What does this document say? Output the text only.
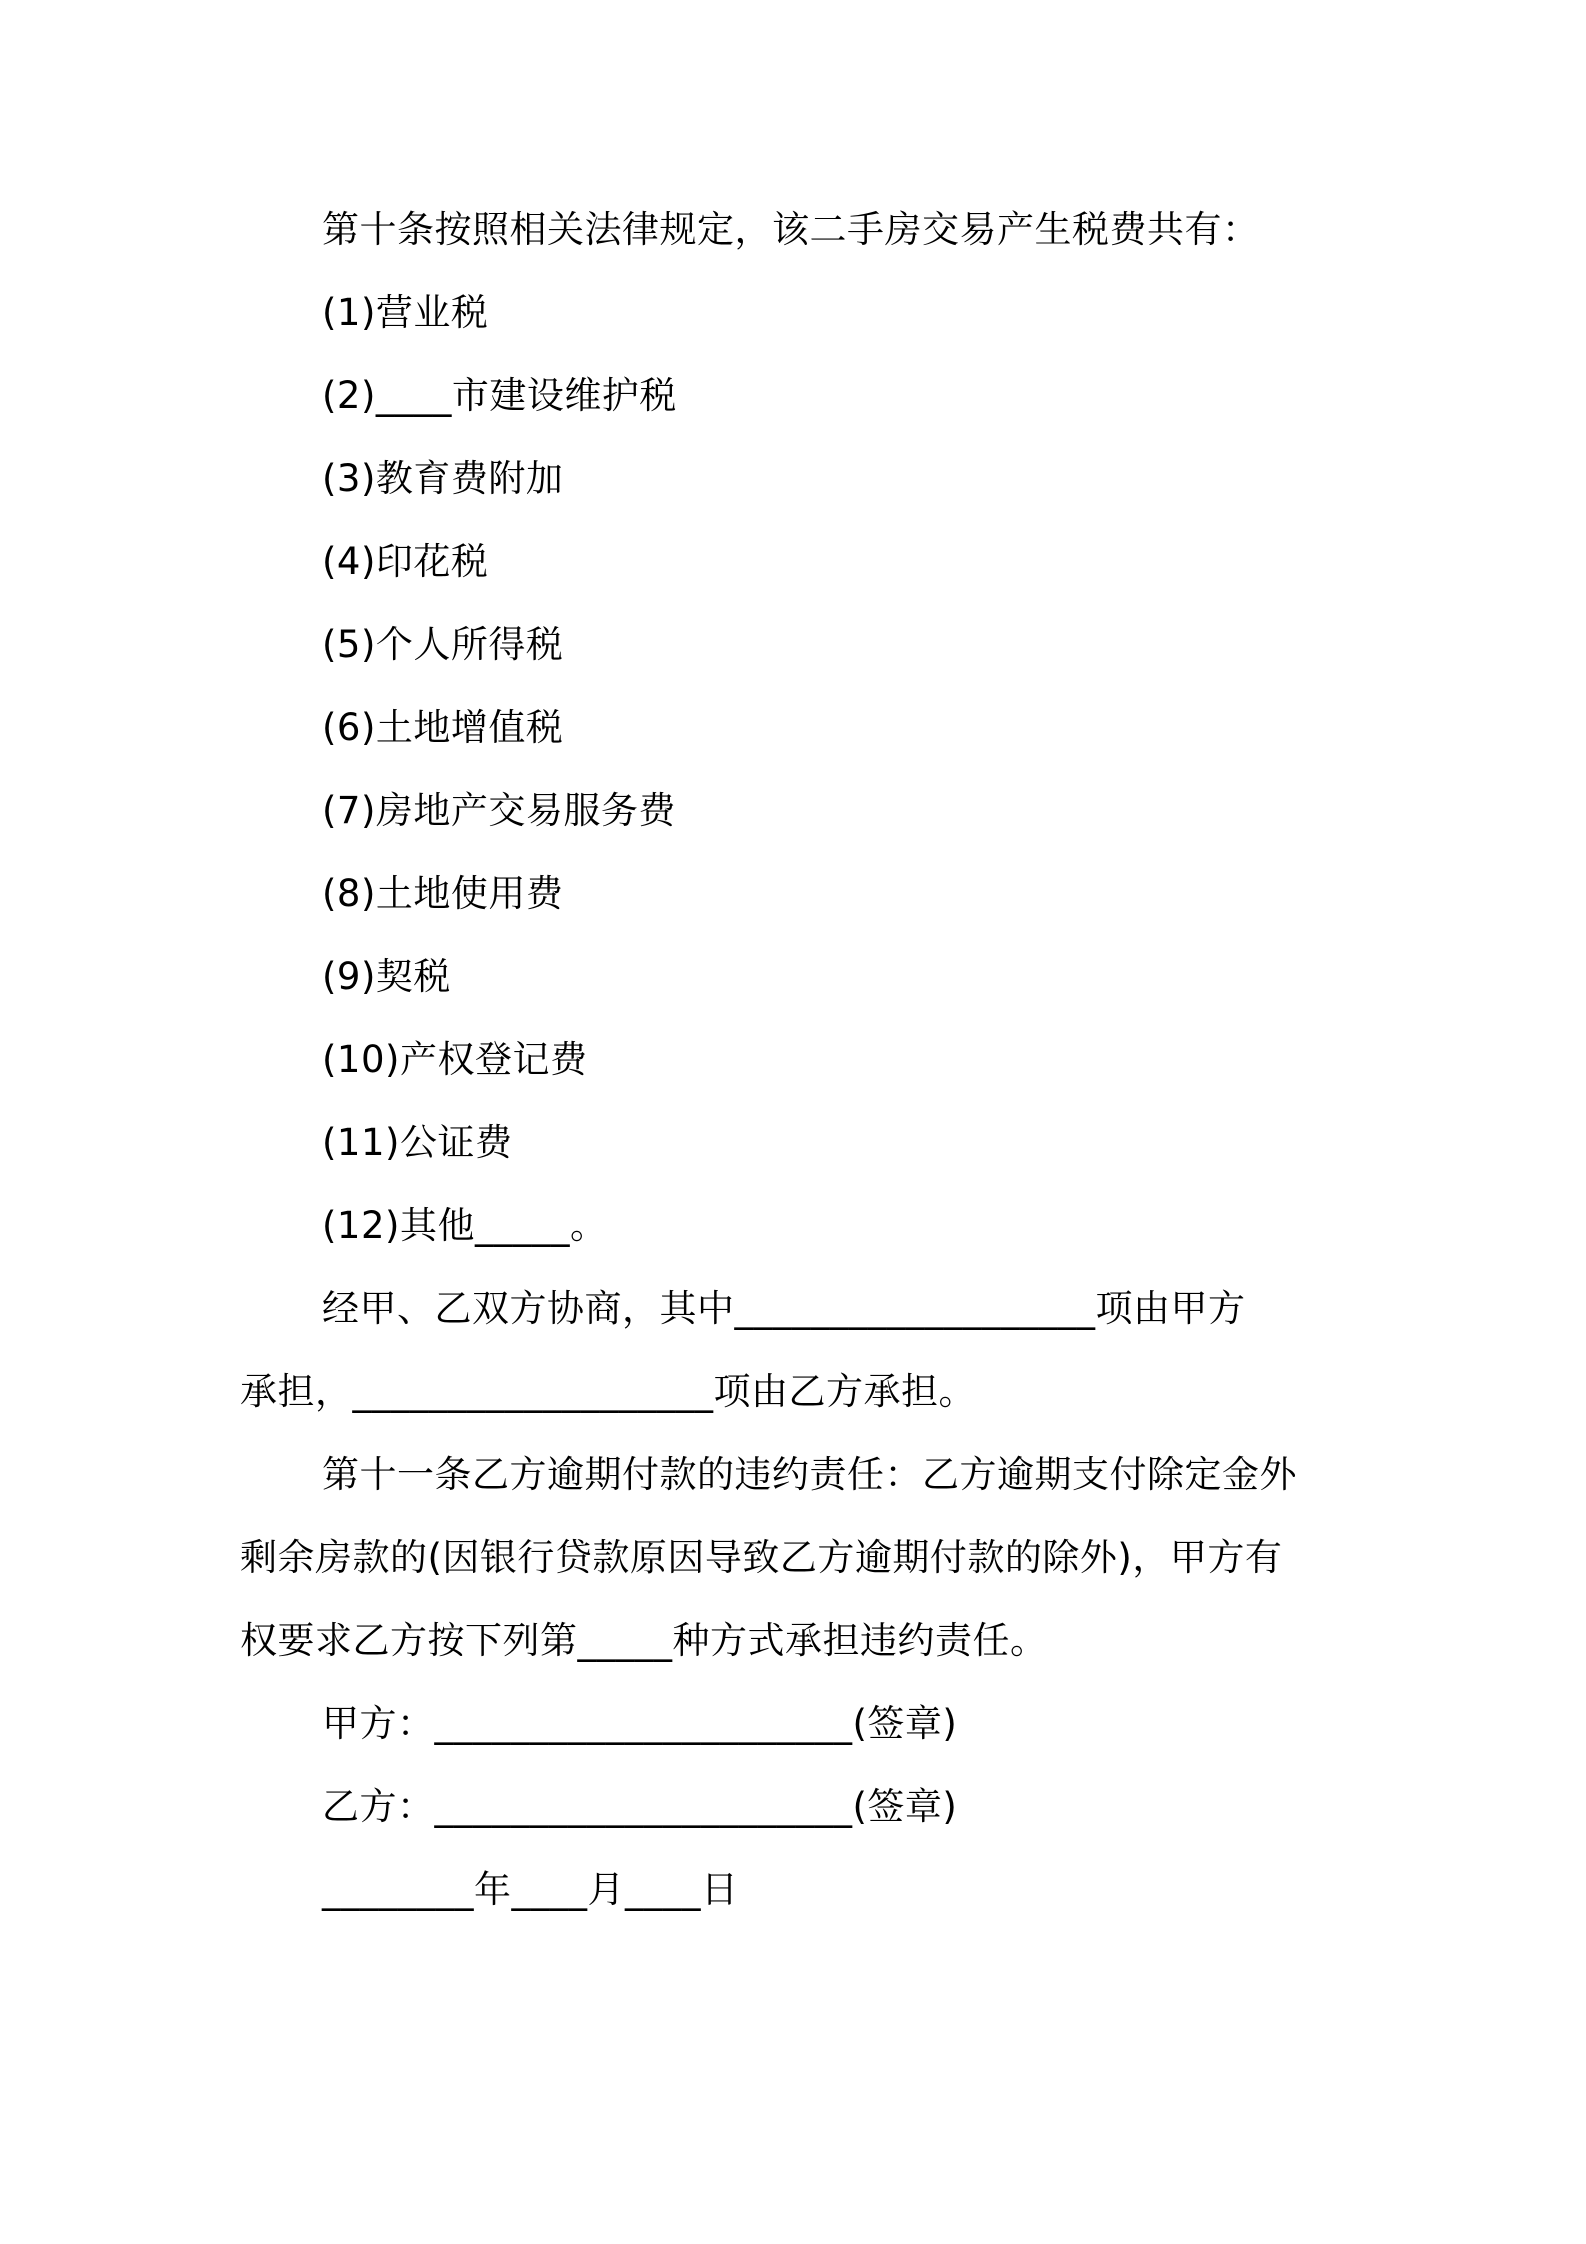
第十条按照相关法律规定，该二手房交易产生税费共有：
(1)营业税
(2)____市建设维护税
(3)教育费附加
(4)印花税
(5)个人所得税
(6)土地增值税
(7)房地产交易服务费
(8)土地使用费
(9)契税
(10)产权登记费
(11)公证费
(12)其他_____。
经甲、乙双方协商，其中___________________项由甲方
承担，___________________项由乙方承担。
第十一条乙方逾期付款的违约责任：乙方逾期支付除定金外
剩余房款的(因银行贷款原因导致乙方逾期付款的除外)，甲方有
权要求乙方按下列第_____种方式承担违约责任。
甲方：______________________(签章)
乙方：______________________(签章)
________年____月____日
